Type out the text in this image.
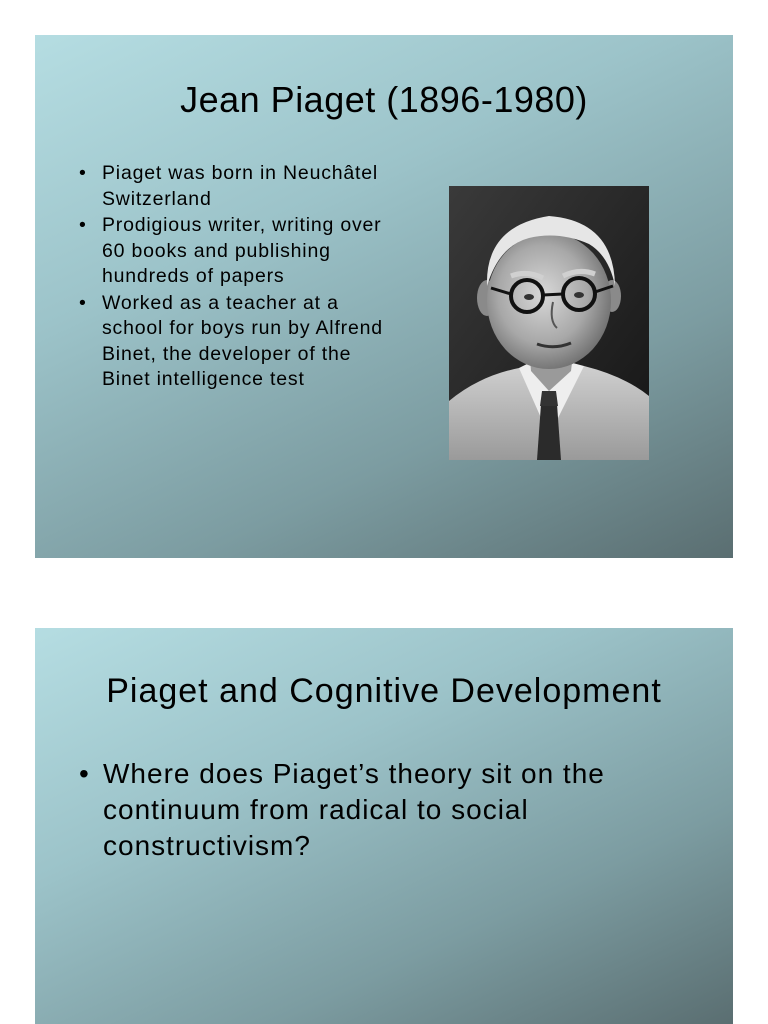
Jean Piaget (1896-1980)
• Piaget was born in Neuchâtel Switzerland
• Prodigious writer, writing over 60 books and publishing hundreds of papers
• Worked as a teacher at a school for boys run by Alfrend Binet, the developer of the Binet intelligence test
Piaget and Cognitive Development
• Where does Piaget’s theory sit on the continuum from radical to social constructivism?
